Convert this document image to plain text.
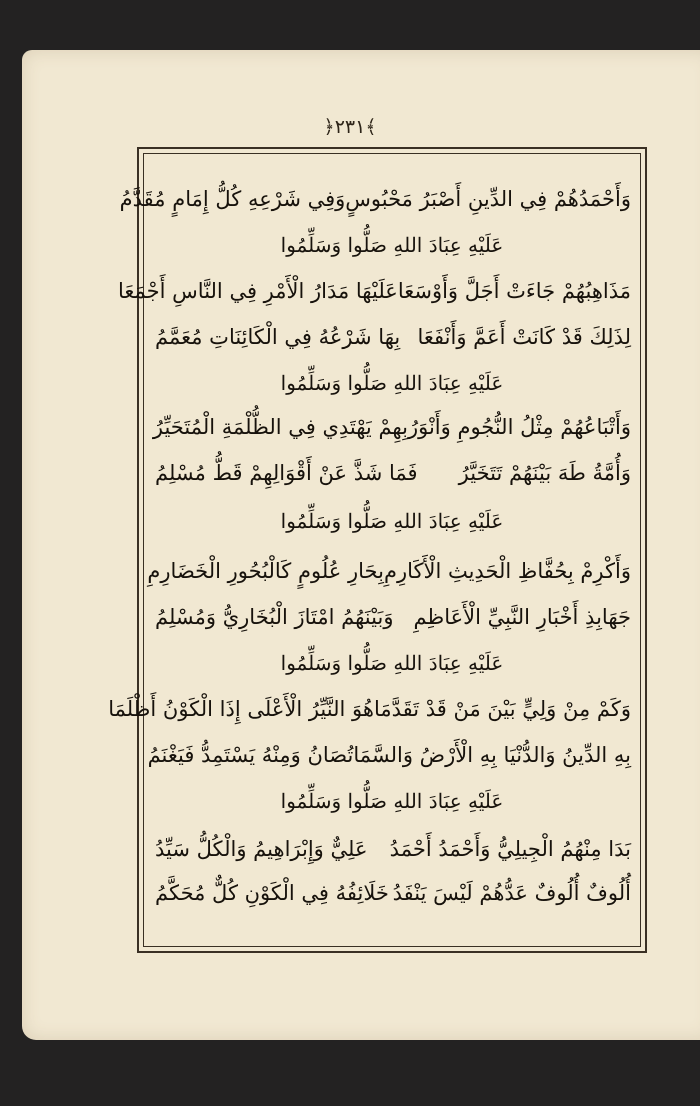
﴿٢٣١﴾
وَأَحْمَدُهُمْ فِي الدِّينِ أَصْبَرُ مَحْبُوسٍ
وَفِي شَرْعِهِ كُلُّ إِمَامٍ مُقَدَّمُ
عَلَيْهِ عِبَادَ اللهِ صَلُّوا وَسَلِّمُوا
مَذَاهِبُهُمْ جَاءَتْ أَجَلَّ وَأَوْسَعَا
عَلَيْهَا مَدَارُ الْأَمْرِ فِي النَّاسِ أَجْمَعَا
لِذَلِكَ قَدْ كَانَتْ أَعَمَّ وَأَنْفَعَا
بِهَا شَرْعُهُ فِي الْكَائِنَاتِ مُعَمَّمُ
عَلَيْهِ عِبَادَ اللهِ صَلُّوا وَسَلِّمُوا
وَأَتْبَاعُهُمْ مِثْلُ النُّجُومِ وَأَنْوَرُ
بِهِمْ يَهْتَدِي فِي الظُّلْمَةِ الْمُتَحَيِّرُ
وَأُمَّةُ طَهَ بَيْنَهُمْ تَتَخَيَّرُ
فَمَا شَذَّ عَنْ أَقْوَالِهِمْ قَطُّ مُسْلِمُ
عَلَيْهِ عِبَادَ اللهِ صَلُّوا وَسَلِّمُوا
وَأَكْرِمْ بِحُفَّاظِ الْحَدِيثِ الْأَكَارِمِ
بِحَارِ عُلُومٍ كَالْبُحُورِ الْخَضَارِمِ
جَهَابِذِ أَخْبَارِ النَّبِيِّ الْأَعَاظِمِ
وَبَيْنَهُمُ امْتَازَ الْبُخَارِيُّ وَمُسْلِمُ
عَلَيْهِ عِبَادَ اللهِ صَلُّوا وَسَلِّمُوا
وَكَمْ مِنْ وَلِيٍّ بَيْنَ مَنْ قَدْ تَقَدَّمَا
هُوَ النَّيِّرُ الْأَعْلَى إِذَا الْكَوْنُ أَظْلَمَا
بِهِ الدِّينُ وَالدُّنْيَا بِهِ الْأَرْضُ وَالسَّمَا
تُصَانُ وَمِنْهُ يَسْتَمِدُّ فَيَغْنَمُ
عَلَيْهِ عِبَادَ اللهِ صَلُّوا وَسَلِّمُوا
بَدَا مِنْهُمُ الْجِيلِيُّ وَأَحْمَدُ أَحْمَدُ
عَلِيٌّ وَإِبْرَاهِيمُ وَالْكُلُّ سَيِّدُ
أُلُوفٌ أُلُوفٌ عَدُّهُمْ لَيْسَ يَنْفَدُ
خَلَائِفُهُ فِي الْكَوْنِ كُلٌّ مُحَكَّمُ
